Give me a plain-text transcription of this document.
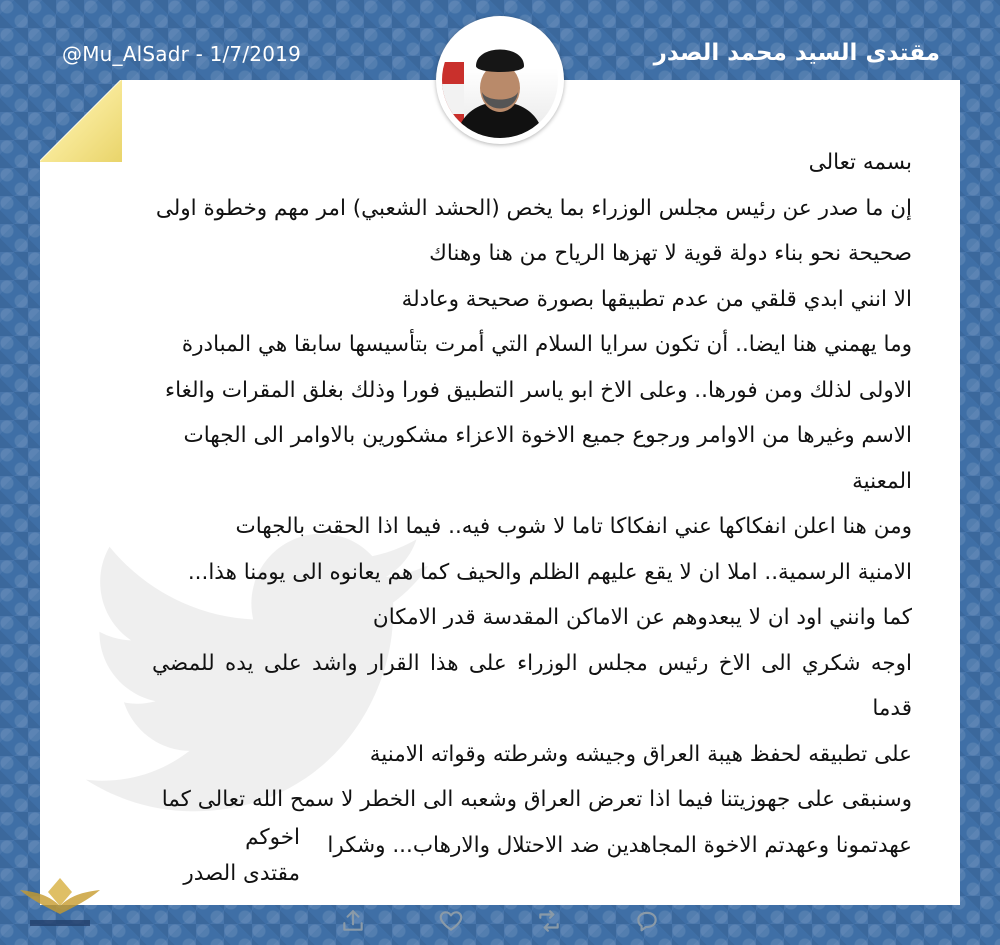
@Mu_AlSadr - 1/7/2019	مقتدى السيد محمد الصدر

بسمه تعالى

إن ما صدر عن رئيس مجلس الوزراء بما يخص (الحشد الشعبي) امر مهم وخطوة اولى

صحيحة نحو بناء دولة قوية لا تهزها الرياح من هنا وهناك

الا انني ابدي قلقي من عدم تطبيقها بصورة صحيحة وعادلة

وما يهمني هنا ايضا.. أن تكون سرايا السلام التي أمرت بتأسيسها سابقا هي المبادرة

الاولى لذلك ومن فورها.. وعلى الاخ ابو ياسر التطبيق فورا وذلك بغلق المقرات والغاء

الاسم وغيرها من الاوامر ورجوع جميع الاخوة الاعزاء مشكورين بالاوامر الى الجهات

المعنية

ومن هنا اعلن انفكاكها عني انفكاكا تاما لا شوب فيه.. فيما اذا الحقت بالجهات

الامنية الرسمية.. املا ان لا يقع عليهم الظلم والحيف كما هم يعانوه الى يومنا هذا...

كما وانني اود ان لا يبعدوهم عن الاماكن المقدسة قدر الامكان

اوجه شكري الى الاخ رئيس مجلس الوزراء على هذا القرار واشد على يده للمضي قدما

على تطبيقه لحفظ هيبة العراق وجيشه وشرطته وقواته الامنية

وسنبقى على جهوزيتنا فيما اذا تعرض العراق وشعبه الى الخطر لا سمح الله تعالى كما

عهدتمونا وعهدتم الاخوة المجاهدين ضد الاحتلال والارهاب... وشكرا

اخوكم
مقتدى الصدر
